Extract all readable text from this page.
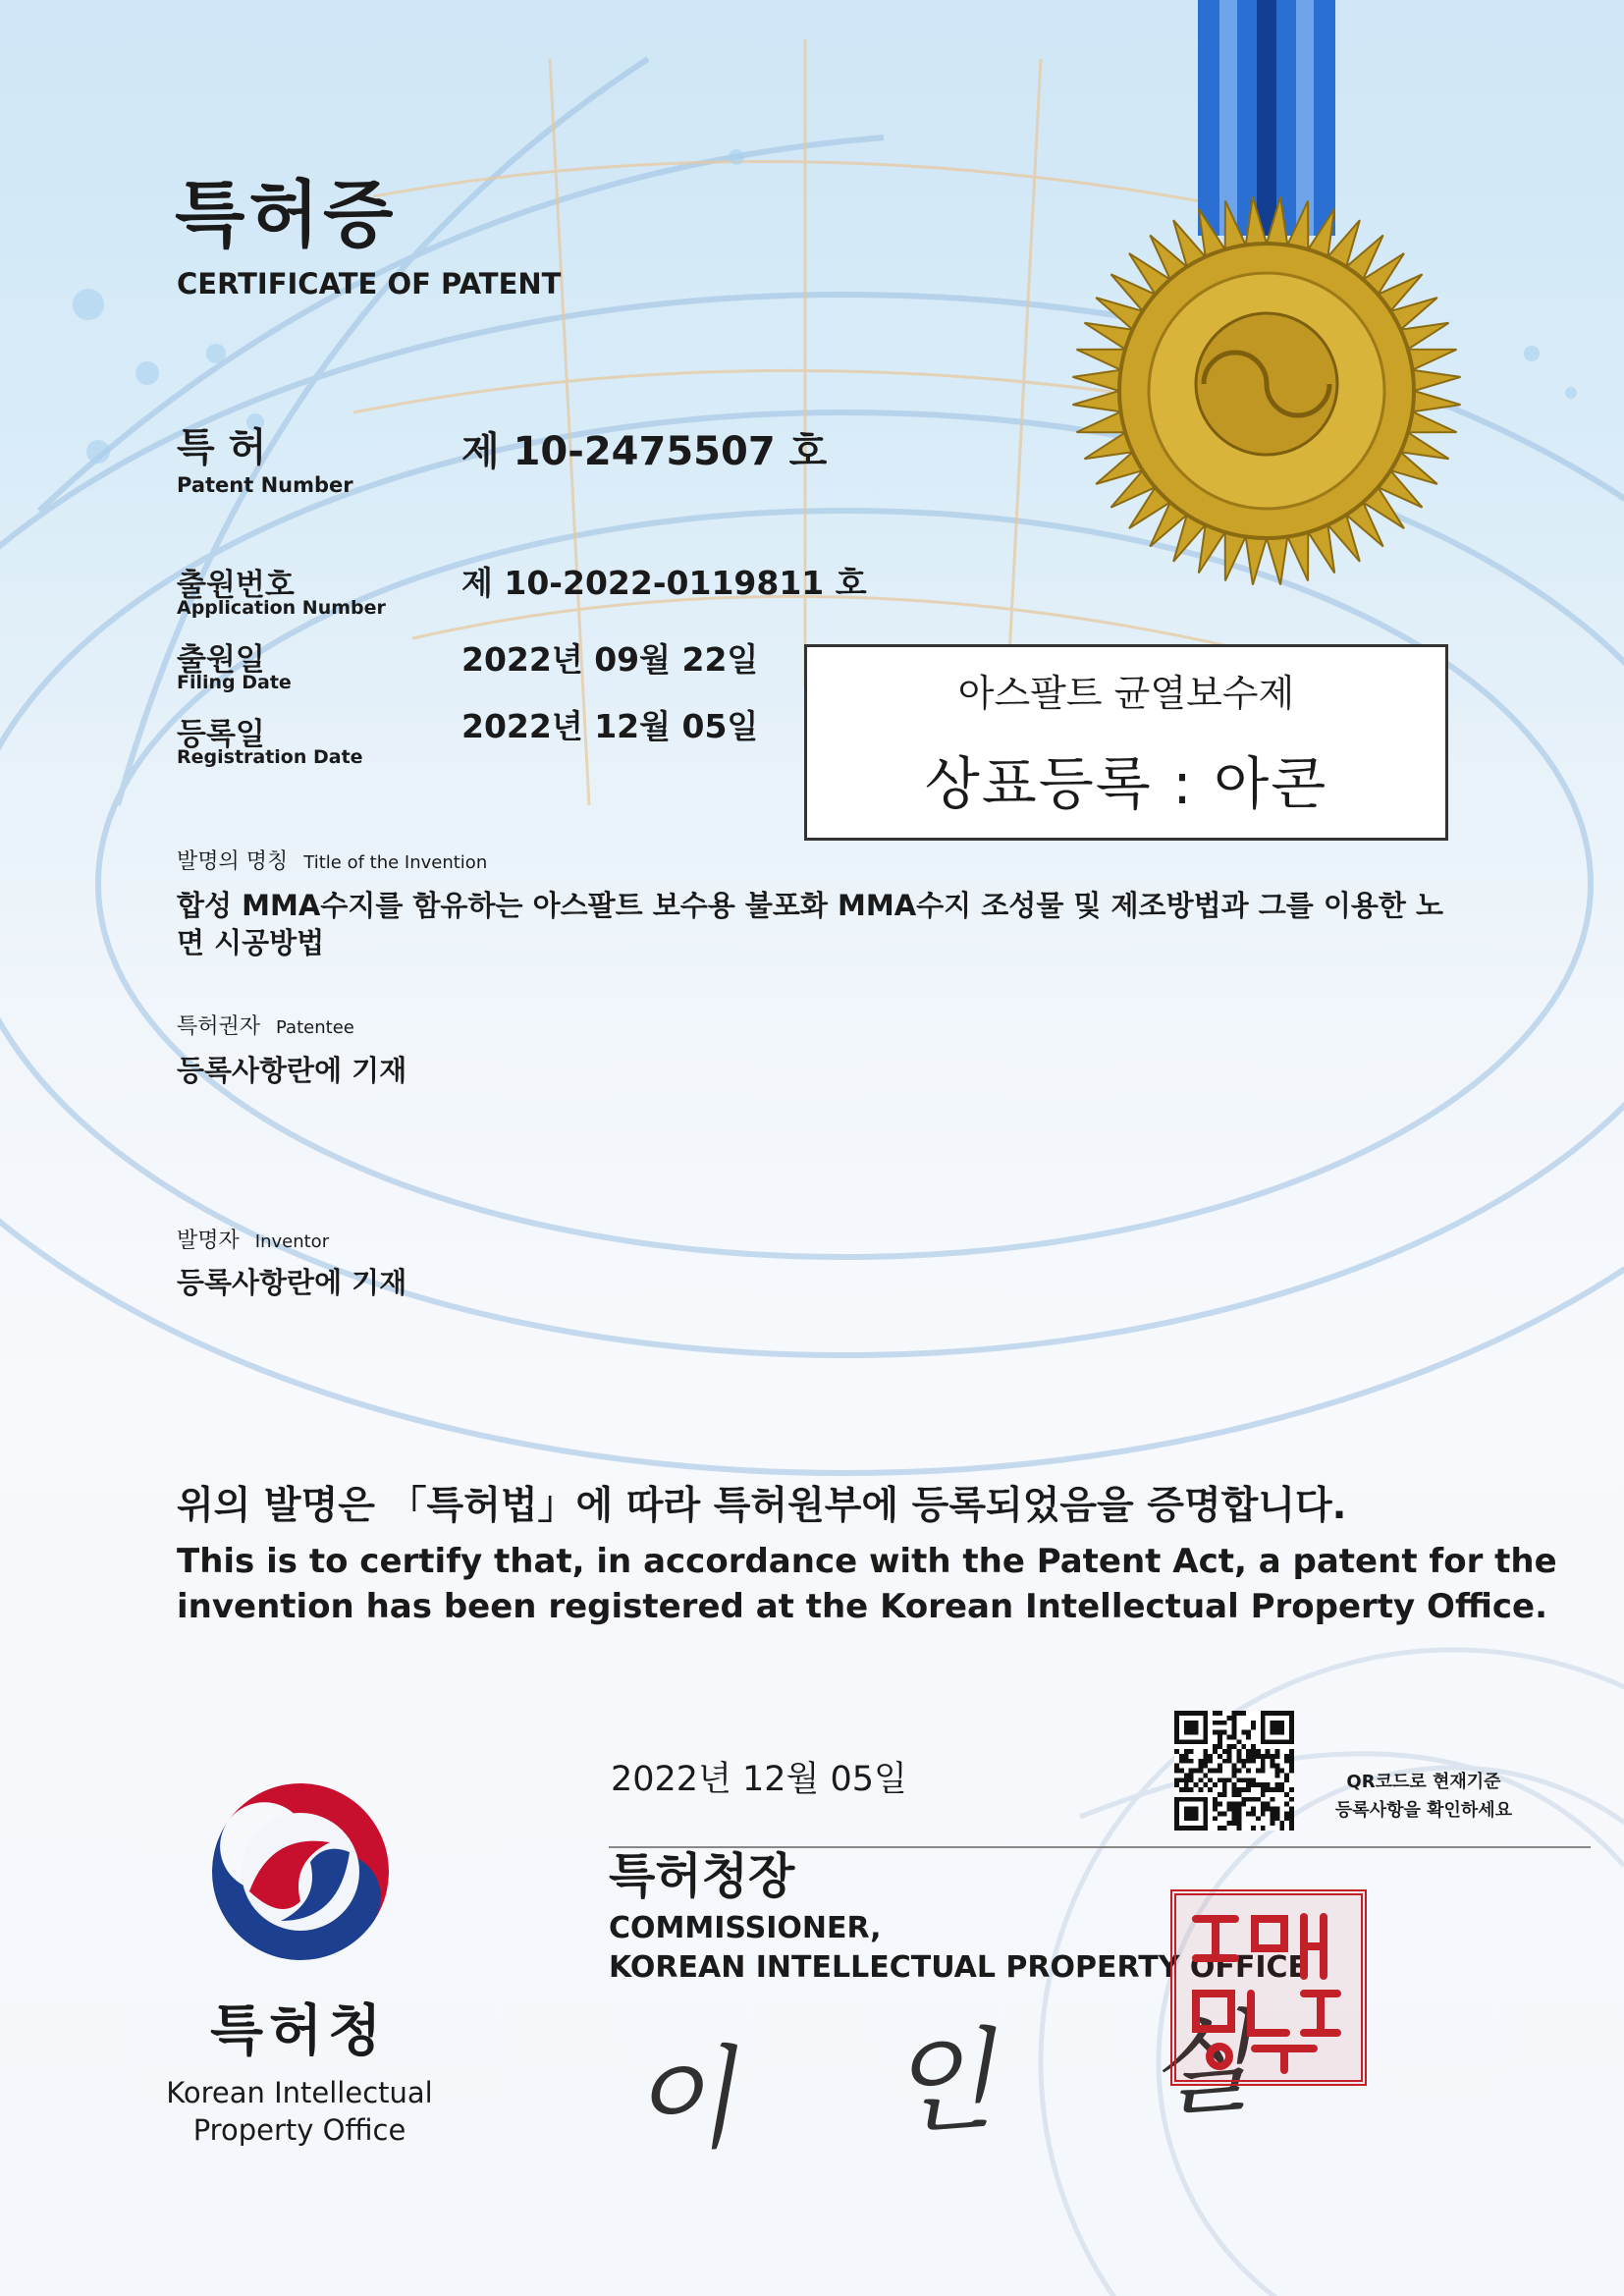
특허증
CERTIFICATE OF PATENT
특 허
Patent Number
제 10-2475507 호
출원번호
Application Number
제 10-2022-0119811 호
출원일
Filing Date
2022년 09월 22일
등록일
Registration Date
2022년 12월 05일
아스팔트 균열보수제
상표등록 : 아콘
발명의 명칭 Title of the Invention
합성 MMA수지를 함유하는 아스팔트 보수용 불포화 MMA수지 조성물 및 제조방법과 그를 이용한 노
면 시공방법
특허권자 Patentee
등록사항란에 기재
발명자 Inventor
등록사항란에 기재
위의 발명은 「특허법」에 따라 특허원부에 등록되었음을 증명합니다.
This is to certify that, in accordance with the Patent Act, a patent for the
invention has been registered at the Korean Intellectual Property Office.
2022년 12월 05일	QR코드로 현재기준
등록사항을 확인하세요
특허청장
COMMISSIONER,
KOREAN INTELLECTUAL PROPERTY OFFICE
이 인 실
특허청
Korean Intellectual
Property Office
